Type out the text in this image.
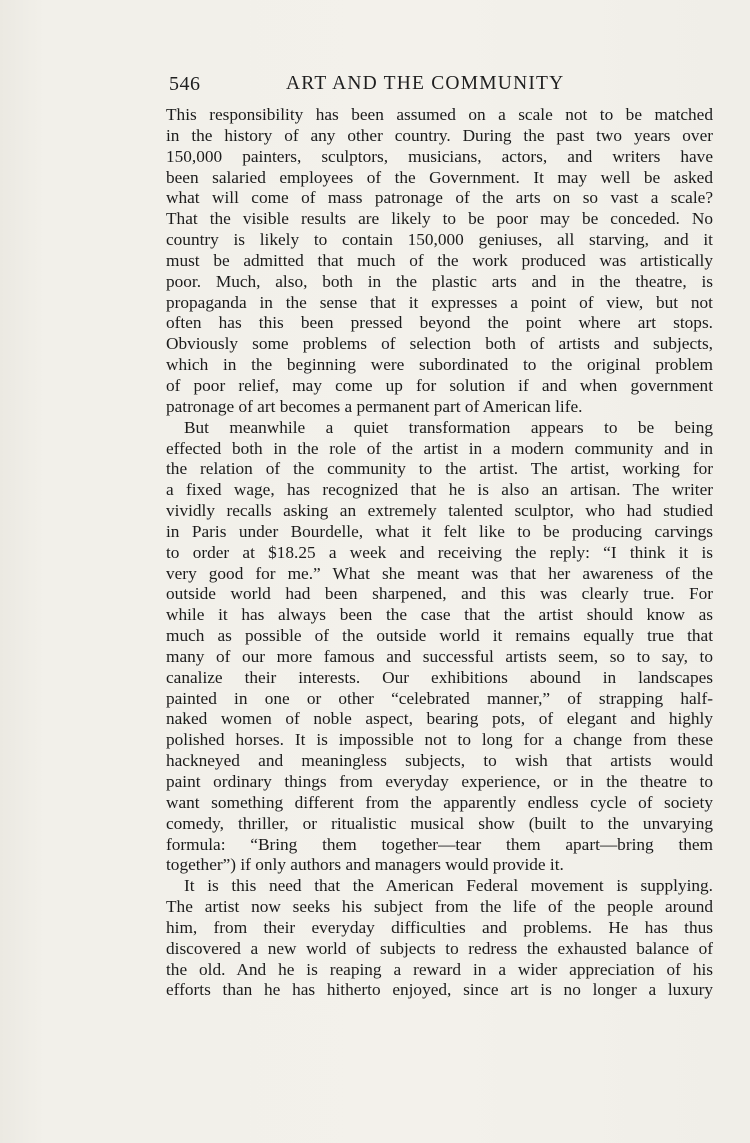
546	ART AND THE COMMUNITY
This responsibility has been assumed on a scale not to be matched
in the history of any other country. During the past two years over
150,000 painters, sculptors, musicians, actors, and writers have
been salaried employees of the Government. It may well be asked
what will come of mass patronage of the arts on so vast a scale?
That the visible results are likely to be poor may be conceded. No
country is likely to contain 150,000 geniuses, all starving, and it
must be admitted that much of the work produced was artistically
poor. Much, also, both in the plastic arts and in the theatre, is
propaganda in the sense that it expresses a point of view, but not
often has this been pressed beyond the point where art stops.
Obviously some problems of selection both of artists and subjects,
which in the beginning were subordinated to the original problem
of poor relief, may come up for solution if and when government
patronage of art becomes a permanent part of American life.
But meanwhile a quiet transformation appears to be being
effected both in the role of the artist in a modern community and in
the relation of the community to the artist. The artist, working for
a fixed wage, has recognized that he is also an artisan. The writer
vividly recalls asking an extremely talented sculptor, who had studied
in Paris under Bourdelle, what it felt like to be producing carvings
to order at $18.25 a week and receiving the reply: “I think it is
very good for me.” What she meant was that her awareness of the
outside world had been sharpened, and this was clearly true. For
while it has always been the case that the artist should know as
much as possible of the outside world it remains equally true that
many of our more famous and successful artists seem, so to say, to
canalize their interests. Our exhibitions abound in landscapes
painted in one or other “celebrated manner,” of strapping half-
naked women of noble aspect, bearing pots, of elegant and highly
polished horses. It is impossible not to long for a change from these
hackneyed and meaningless subjects, to wish that artists would
paint ordinary things from everyday experience, or in the theatre to
want something different from the apparently endless cycle of society
comedy, thriller, or ritualistic musical show (built to the unvarying
formula: “Bring them together—tear them apart—bring them
together”) if only authors and managers would provide it.
It is this need that the American Federal movement is supplying.
The artist now seeks his subject from the life of the people around
him, from their everyday difficulties and problems. He has thus
discovered a new world of subjects to redress the exhausted balance of
the old. And he is reaping a reward in a wider appreciation of his
efforts than he has hitherto enjoyed, since art is no longer a luxury
